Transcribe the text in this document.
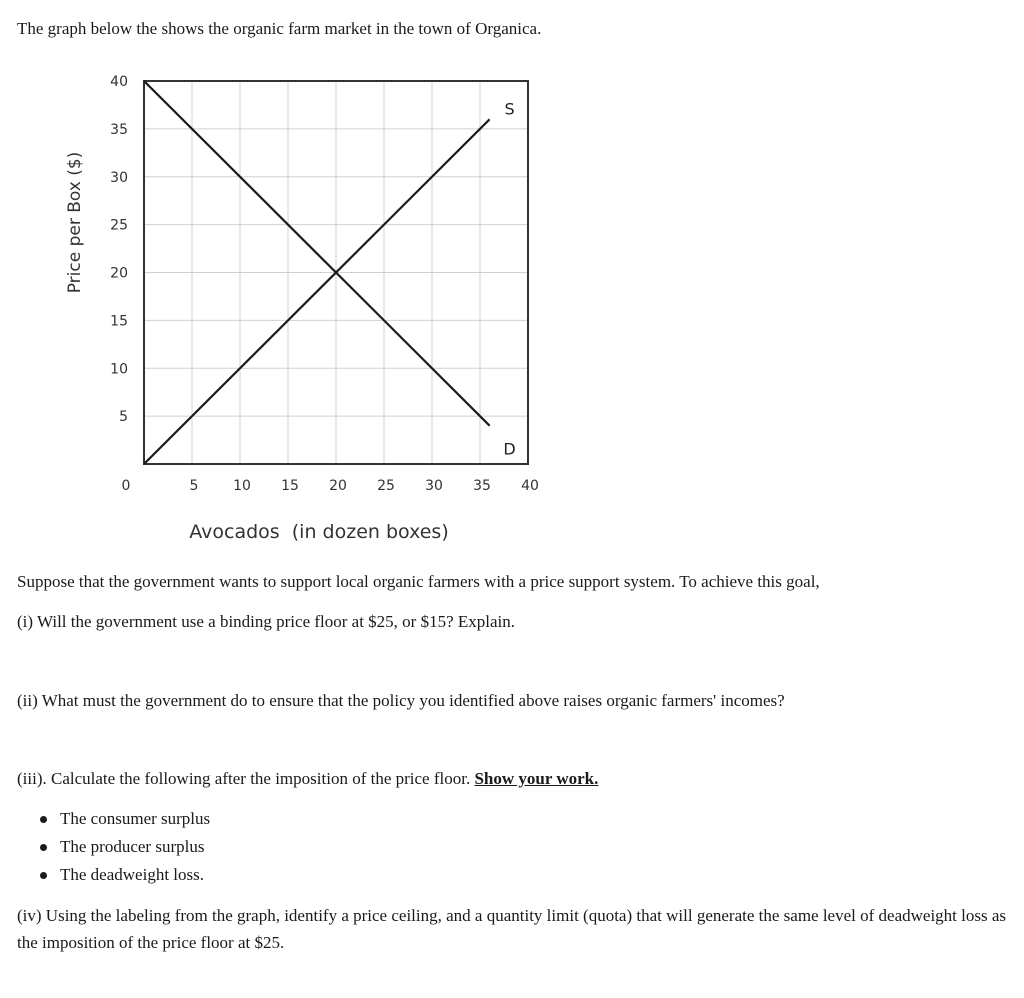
The graph below the shows the organic farm market in the town of Organica.

5
10
15
20
25
30
35
40
0	5 10 15 20 25 30 35 40
S
D
Price per Box ($)
Avocados  (in dozen boxes)

Suppose that the government wants to support local organic farmers with a price support system. To achieve this goal,

(i) Will the government use a binding price floor at $25, or $15? Explain.

(ii) What must the government do to ensure that the policy you identified above raises organic farmers' incomes?

(iii). Calculate the following after the imposition of the price floor. Show your work.

The consumer surplus
The producer surplus
The deadweight loss.

(iv) Using the labeling from the graph, identify a price ceiling, and a quantity limit (quota) that will generate the same level of deadweight loss as the imposition of the price floor at $25.
